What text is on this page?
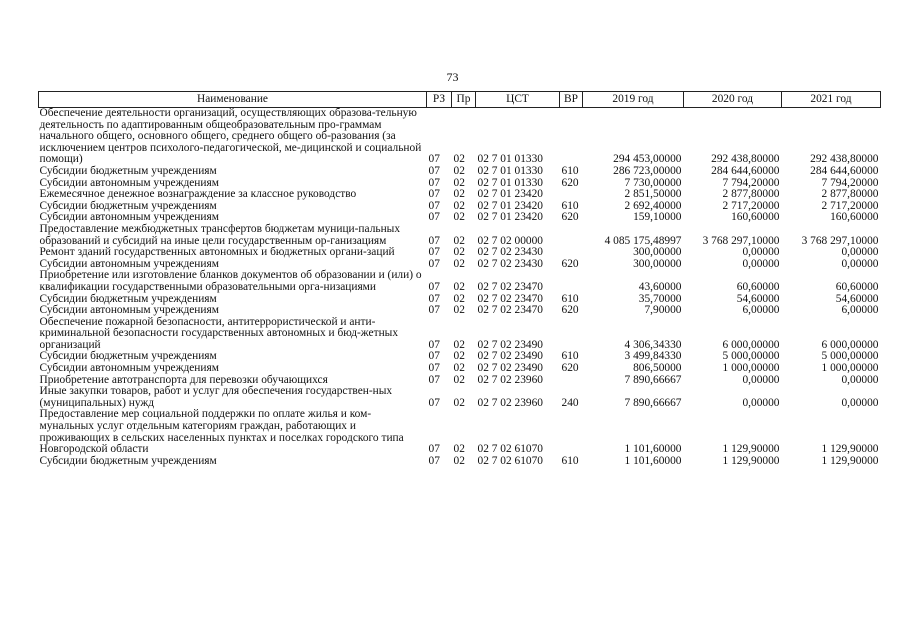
73
Наименование	РЗ	Пр	ЦСТ	ВР	2019 год	2020 год	2021 год
Обеспечение деятельности организаций, осуществляющих образова-тельную деятельность по адаптированным общеобразовательным про-граммам начального общего, основного общего, среднего общего об-разования (за исключением центров психолого-педагогической, ме-дицинской и социальной помощи)	07	02	02 7 01 01330		294 453,00000	292 438,80000	292 438,80000
Субсидии бюджетным учреждениям	07	02	02 7 01 01330	610	286 723,00000	284 644,60000	284 644,60000
Субсидии автономным учреждениям	07	02	02 7 01 01330	620	7 730,00000	7 794,20000	7 794,20000
Ежемесячное денежное вознаграждение за классное руководство	07	02	02 7 01 23420		2 851,50000	2 877,80000	2 877,80000
Субсидии бюджетным учреждениям	07	02	02 7 01 23420	610	2 692,40000	2 717,20000	2 717,20000
Субсидии автономным учреждениям	07	02	02 7 01 23420	620	159,10000	160,60000	160,60000
Предоставление межбюджетных трансфертов бюджетам муници-пальных образований и субсидий на иные цели государственным ор-ганизациям	07	02	02 7 02 00000		4 085 175,48997	3 768 297,10000	3 768 297,10000
Ремонт зданий государственных автономных и бюджетных органи-заций	07	02	02 7 02 23430		300,00000	0,00000	0,00000
Субсидии автономным учреждениям	07	02	02 7 02 23430	620	300,00000	0,00000	0,00000
Приобретение или изготовление бланков документов об образовании и (или) о квалификации государственными образовательными орга-низациями	07	02	02 7 02 23470		43,60000	60,60000	60,60000
Субсидии бюджетным учреждениям	07	02	02 7 02 23470	610	35,70000	54,60000	54,60000
Субсидии автономным учреждениям	07	02	02 7 02 23470	620	7,90000	6,00000	6,00000
Обеспечение пожарной безопасности, антитеррористической и анти-криминальной безопасности государственных автономных и бюд-жетных организаций	07	02	02 7 02 23490		4 306,34330	6 000,00000	6 000,00000
Субсидии бюджетным учреждениям	07	02	02 7 02 23490	610	3 499,84330	5 000,00000	5 000,00000
Субсидии автономным учреждениям	07	02	02 7 02 23490	620	806,50000	1 000,00000	1 000,00000
Приобретение автотранспорта для перевозки обучающихся	07	02	02 7 02 23960		7 890,66667	0,00000	0,00000
Иные закупки товаров, работ и услуг для обеспечения государствен-ных (муниципальных) нужд	07	02	02 7 02 23960	240	7 890,66667	0,00000	0,00000
Предоставление мер социальной поддержки по оплате жилья и ком-мунальных услуг отдельным категориям граждан, работающих и проживающих в сельских населенных пунктах и поселках городского типа Новгородской области	07	02	02 7 02 61070		1 101,60000	1 129,90000	1 129,90000
Субсидии бюджетным учреждениям	07	02	02 7 02 61070	610	1 101,60000	1 129,90000	1 129,90000
